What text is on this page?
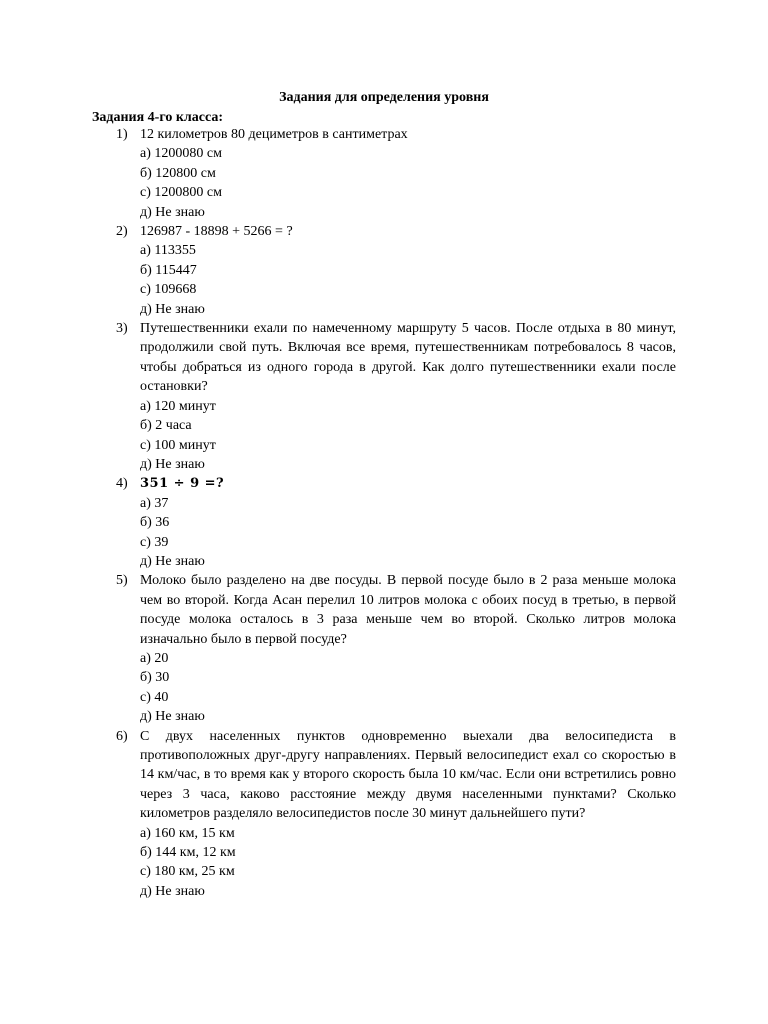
Задания для определения уровня
Задания 4-го класса:
1) 12 километров 80 дециметров в сантиметрах
а) 1200080 см
б) 120800 см
с) 1200800 см
д) Не знаю
2) 126987 - 18898 + 5266 = ?
а) 113355
б) 115447
с) 109668
д) Не знаю
3) Путешественники ехали по намеченному маршруту 5 часов. После отдыха в 80 минут, продолжили свой путь. Включая все время, путешественникам потребовалось 8 часов, чтобы добраться из одного города в другой. Как долго путешественники ехали после остановки?
а) 120 минут
б) 2 часа
с) 100 минут
д) Не знаю
4) 351 ÷ 9 =?
а) 37
б) 36
с) 39
д) Не знаю
5) Молоко было разделено на две посуды. В первой посуде было в 2 раза меньше молока чем во второй. Когда Асан перелил 10 литров молока с обоих посуд в третью, в первой посуде молока осталось в 3 раза меньше чем во второй. Сколько литров молока изначально было в первой посуде?
а) 20
б) 30
с) 40
д) Не знаю
6) С двух населенных пунктов одновременно выехали два велосипедиста в противоположных друг-другу направлениях. Первый велосипедист ехал со скоростью в 14 км/час, в то время как у второго скорость была 10 км/час. Если они встретились ровно через 3 часа, каково расстояние между двумя населенными пунктами? Сколько километров разделяло велосипедистов после 30 минут дальнейшего пути?
а) 160 км, 15 км
б) 144 км, 12 км
с) 180 км, 25 км
д) Не знаю
